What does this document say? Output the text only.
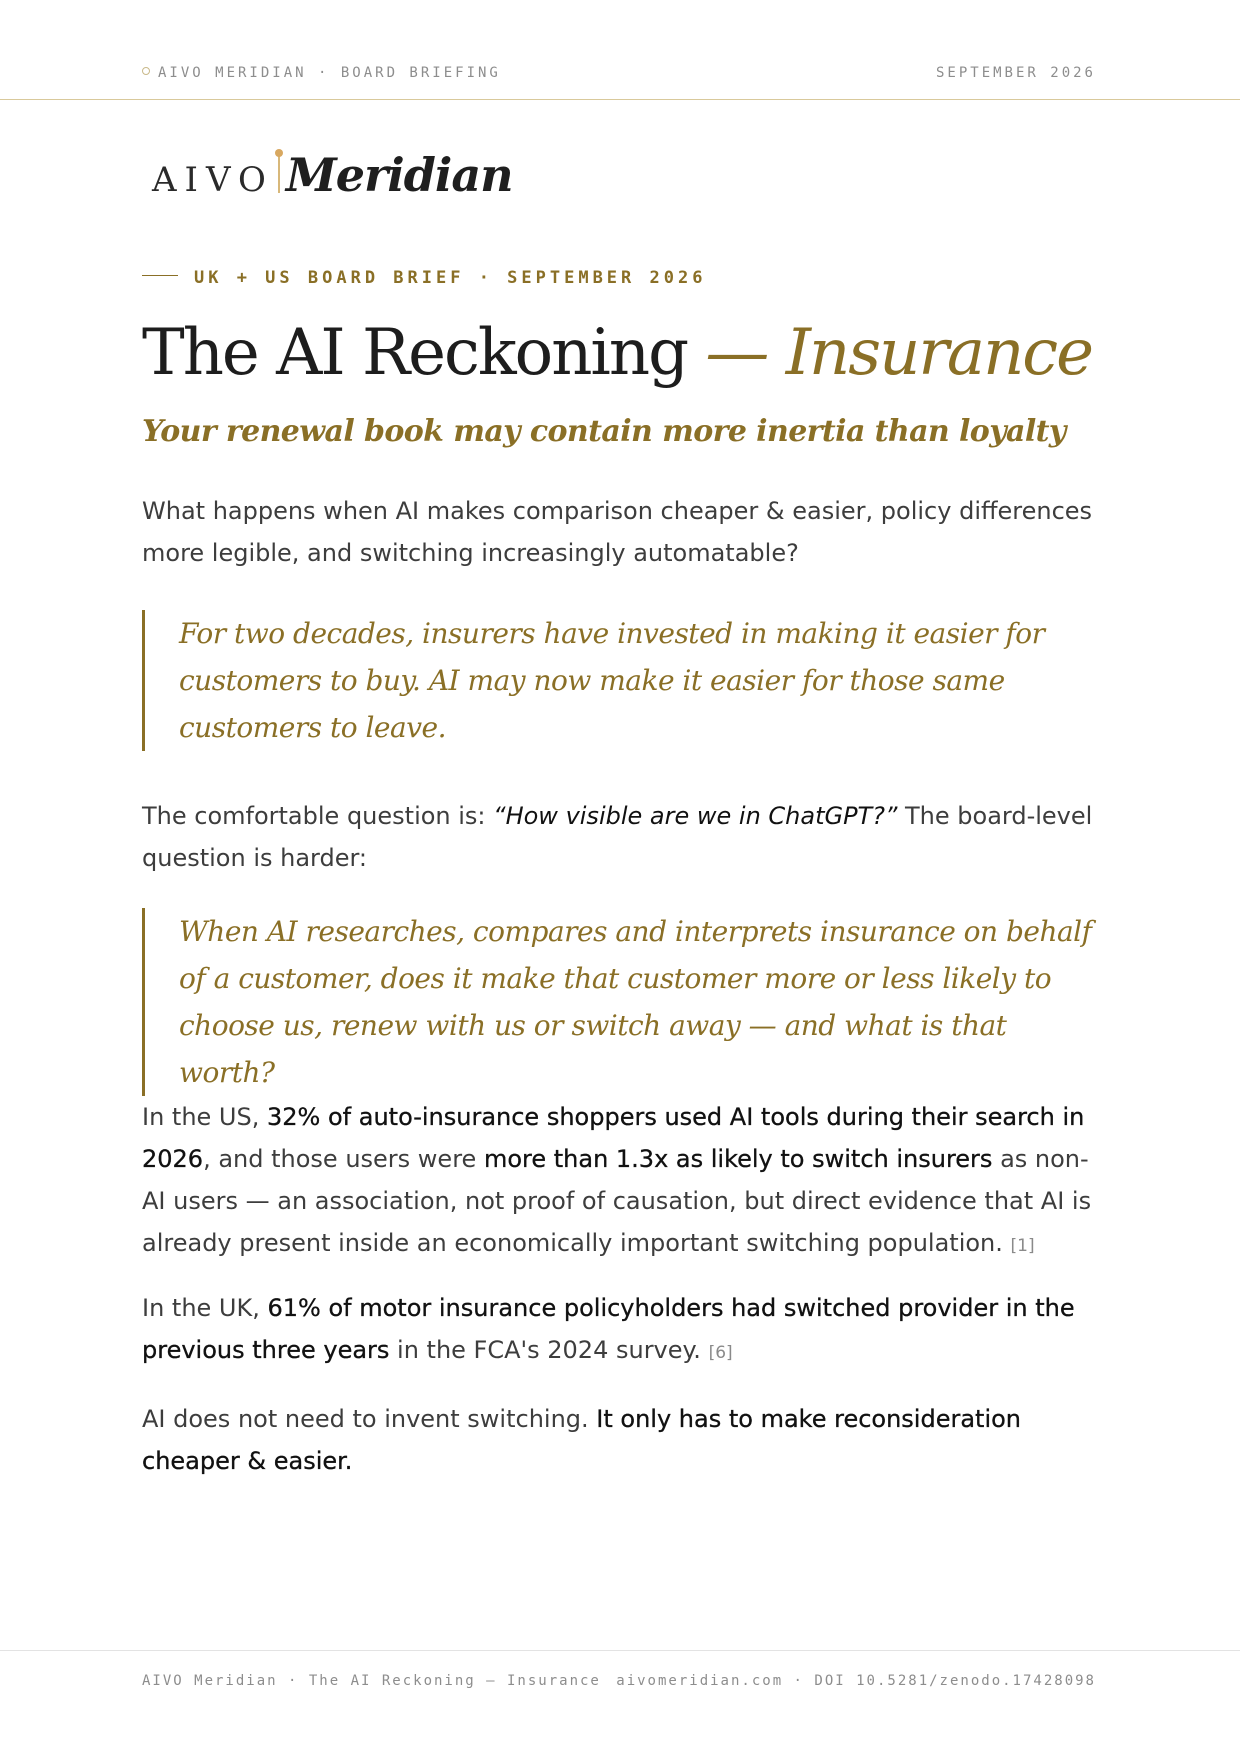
AIVO MERIDIAN · BOARD BRIEFING	SEPTEMBER 2026
AIVO Meridian
UK + US BOARD BRIEF · SEPTEMBER 2026
The AI Reckoning — Insurance

Your renewal book may contain more inertia than loyalty

What happens when AI makes comparison cheaper & easier, policy differences more legible, and switching increasingly automatable?

For two decades, insurers have invested in making it easier for customers to buy. AI may now make it easier for those same customers to leave.

The comfortable question is: “How visible are we in ChatGPT?” The board-level question is harder:

When AI researches, compares and interprets insurance on behalf of a customer, does it make that customer more or less likely to choose us, renew with us or switch away — and what is that worth?

In the US, 32% of auto-insurance shoppers used AI tools during their search in 2026, and those users were more than 1.3x as likely to switch insurers as non-AI users — an association, not proof of causation, but direct evidence that AI is already present inside an economically important switching population. [1]

In the UK, 61% of motor insurance policyholders had switched provider in the previous three years in the FCA's 2024 survey. [6]

AI does not need to invent switching. It only has to make reconsideration cheaper & easier.

AIVO Meridian · The AI Reckoning — Insurance aivomeridian.com · DOI 10.5281/zenodo.17428098
